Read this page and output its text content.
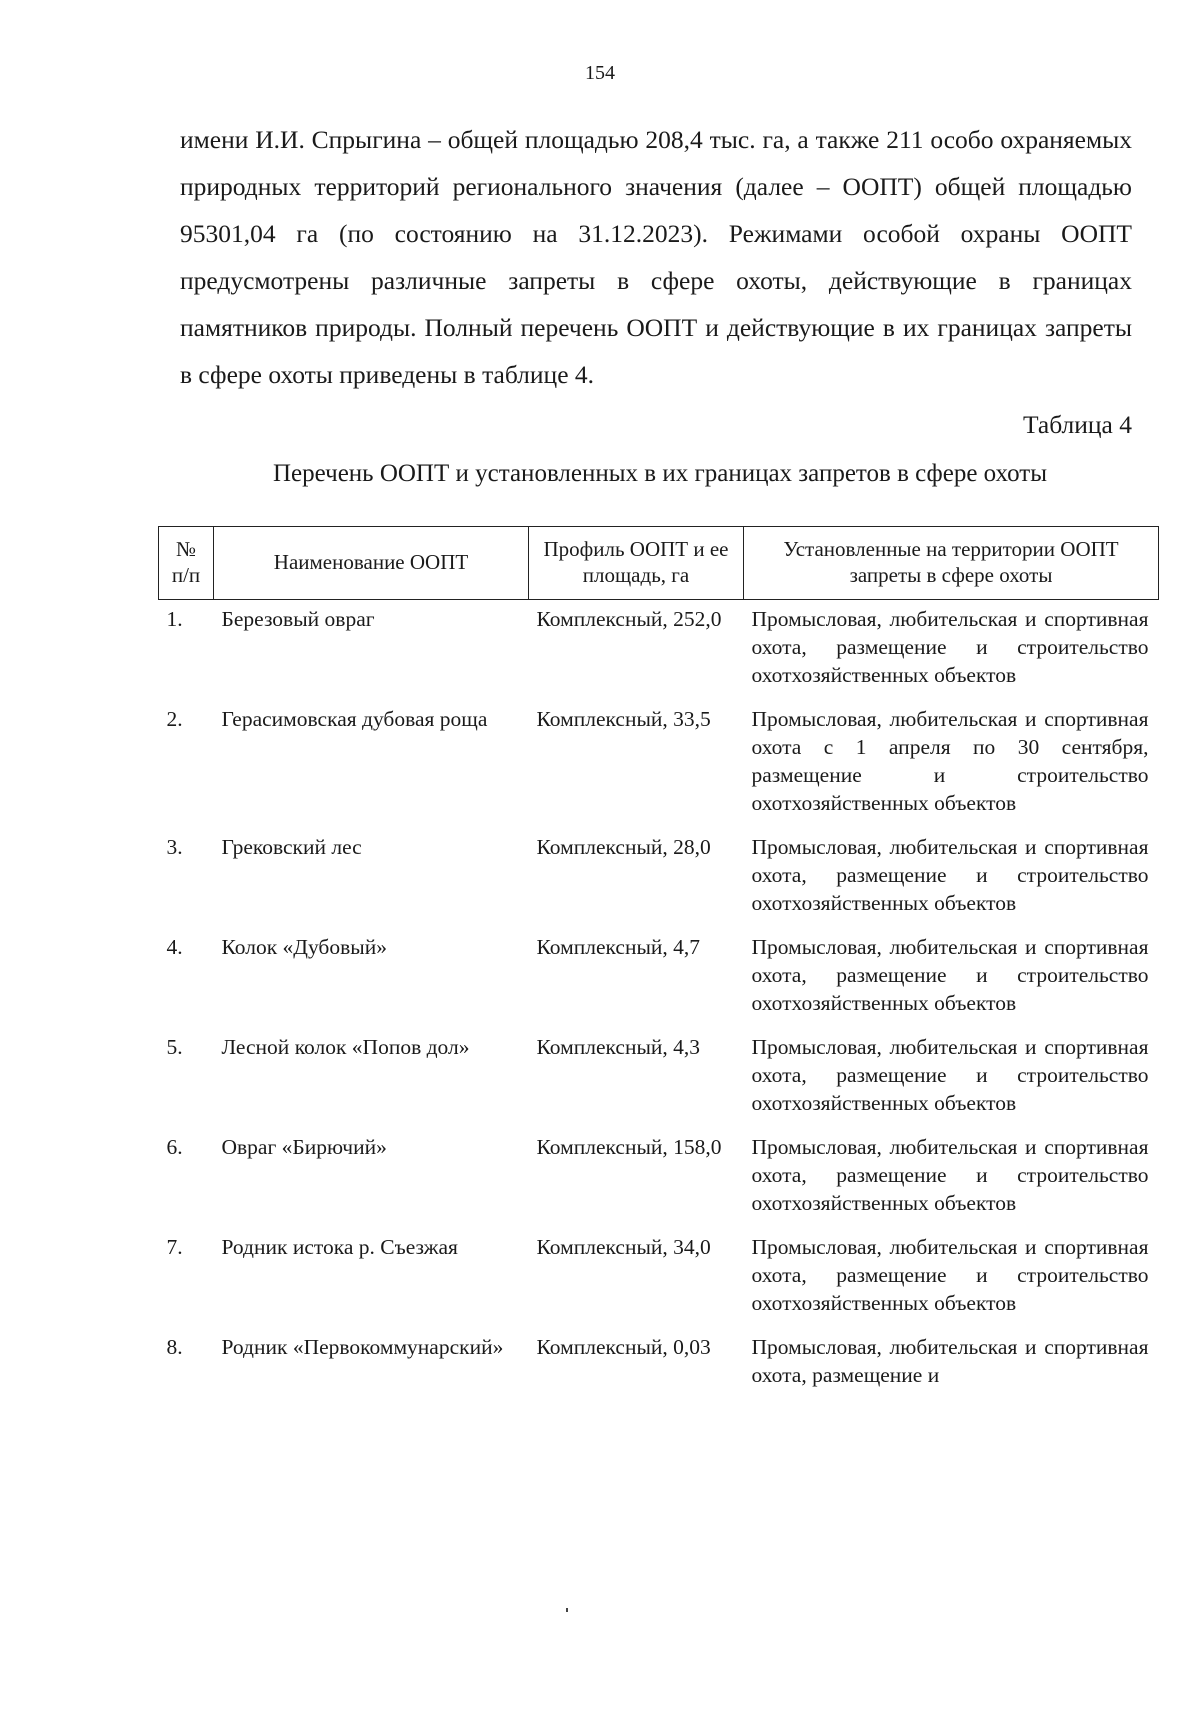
154

имени И.И. Спрыгина – общей площадью 208,4 тыс. га, а также 211 особо охраняемых природных территорий регионального значения (далее – ООПТ) общей площадью 95301,04 га (по состоянию на 31.12.2023). Режимами особой охраны ООПТ предусмотрены различные запреты в сфере охоты, действующие в границах памятников природы. Полный перечень ООПТ и действующие в их границах запреты в сфере охоты приведены в таблице 4.

Таблица 4
Перечень ООПТ и установленных в их границах запретов в сфере охоты
№ п/п	Наименование ООПТ	Профиль ООПТ и ее площадь, га	Установленные на территории ООПТ запреты в сфере охоты
1.	Березовый овраг	Комплексный, 252,0	Промысловая, любительская и спортивная охота, размещение и строительство охотхозяйственных объектов
2.	Герасимовская дубовая роща	Комплексный, 33,5	Промысловая, любительская и спортивная охота с 1 апреля по 30 сентября, размещение и строительство охотхозяйственных объектов
3.	Грековский лес	Комплексный, 28,0	Промысловая, любительская и спортивная охота, размещение и строительство охотхозяйственных объектов
4.	Колок «Дубовый»	Комплексный, 4,7	Промысловая, любительская и спортивная охота, размещение и строительство охотхозяйственных объектов
5.	Лесной колок «Попов дол»	Комплексный, 4,3	Промысловая, любительская и спортивная охота, размещение и строительство охотхозяйственных объектов
6.	Овраг «Бирючий»	Комплексный, 158,0	Промысловая, любительская и спортивная охота, размещение и строительство охотхозяйственных объектов
7.	Родник истока р. Съезжая	Комплексный, 34,0	Промысловая, любительская и спортивная охота, размещение и строительство охотхозяйственных объектов
8.	Родник «Первокоммунарский»	Комплексный, 0,03	Промысловая, любительская и спортивная охота, размещение и
